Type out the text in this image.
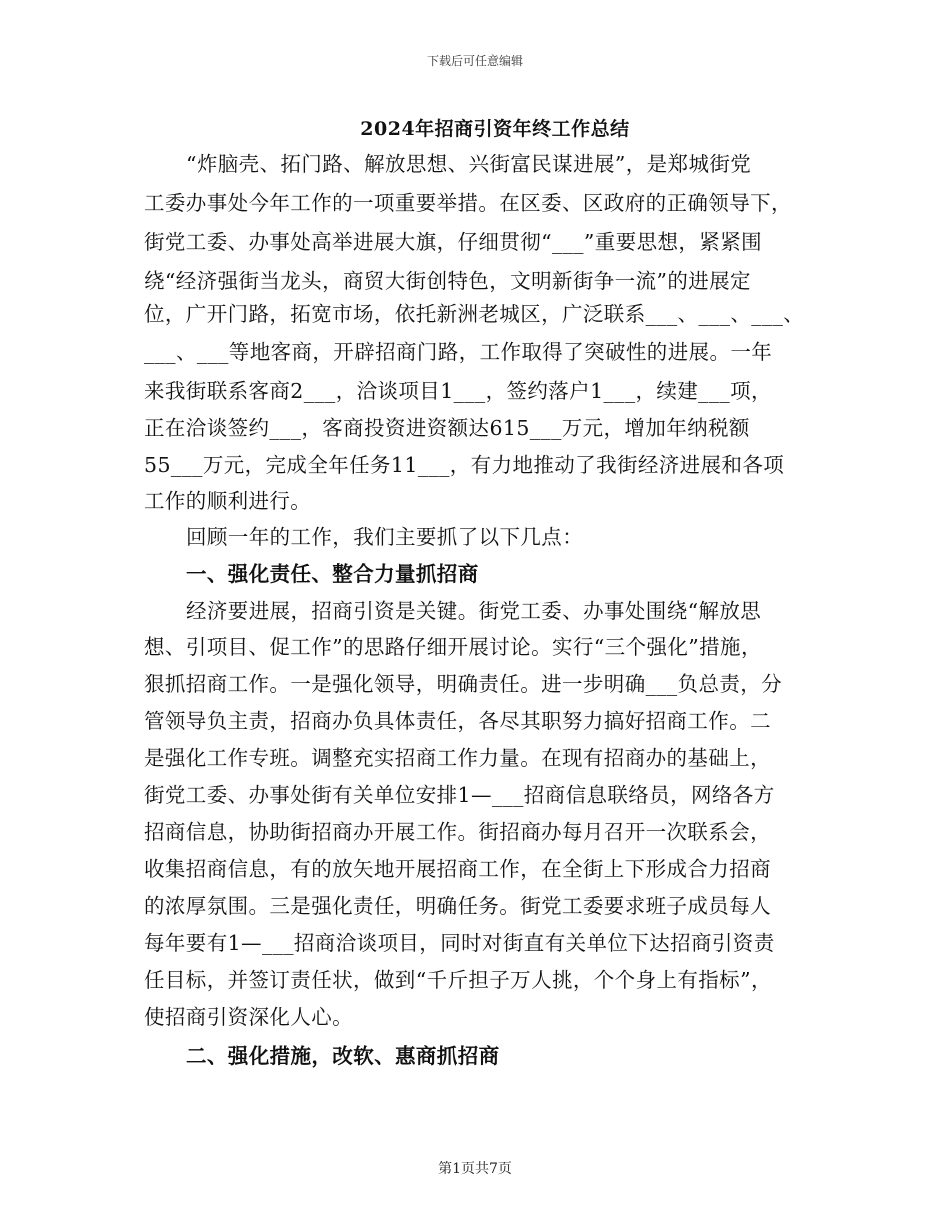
下载后可任意编辑
2024年招商引资年终工作总结
“炸脑壳、拓门路、解放思想、兴街富民谋进展”，是郑城街党
工委办事处今年工作的一项重要举措。在区委、区政府的正确领导下，
街党工委、办事处高举进展大旗，仔细贯彻“___”重要思想，紧紧围
绕“经济强街当龙头，商贸大街创特色，文明新街争一流”的进展定
位，广开门路，拓宽市场，依托新洲老城区，广泛联系___、___、___、
___、___等地客商，开辟招商门路，工作取得了突破性的进展。一年
来我街联系客商2___，洽谈项目1___，签约落户1___，续建___项，
正在洽谈签约___，客商投资进资额达615___万元，增加年纳税额
55___万元，完成全年任务11___，有力地推动了我街经济进展和各项
工作的顺利进行。
回顾一年的工作，我们主要抓了以下几点：
一、强化责任、整合力量抓招商
经济要进展，招商引资是关键。街党工委、办事处围绕“解放思
想、引项目、促工作”的思路仔细开展讨论。实行“三个强化”措施，
狠抓招商工作。一是强化领导，明确责任。进一步明确___负总责，分
管领导负主责，招商办负具体责任，各尽其职努力搞好招商工作。二
是强化工作专班。调整充实招商工作力量。在现有招商办的基础上，
街党工委、办事处街有关单位安排1—___招商信息联络员，网络各方
招商信息，协助街招商办开展工作。街招商办每月召开一次联系会，
收集招商信息，有的放矢地开展招商工作，在全街上下形成合力招商
的浓厚氛围。三是强化责任，明确任务。街党工委要求班子成员每人
每年要有1—___招商洽谈项目，同时对街直有关单位下达招商引资责
任目标，并签订责任状，做到“千斤担子万人挑，个个身上有指标”，
使招商引资深化人心。
二、强化措施，改软、惠商抓招商
第1页共7页
